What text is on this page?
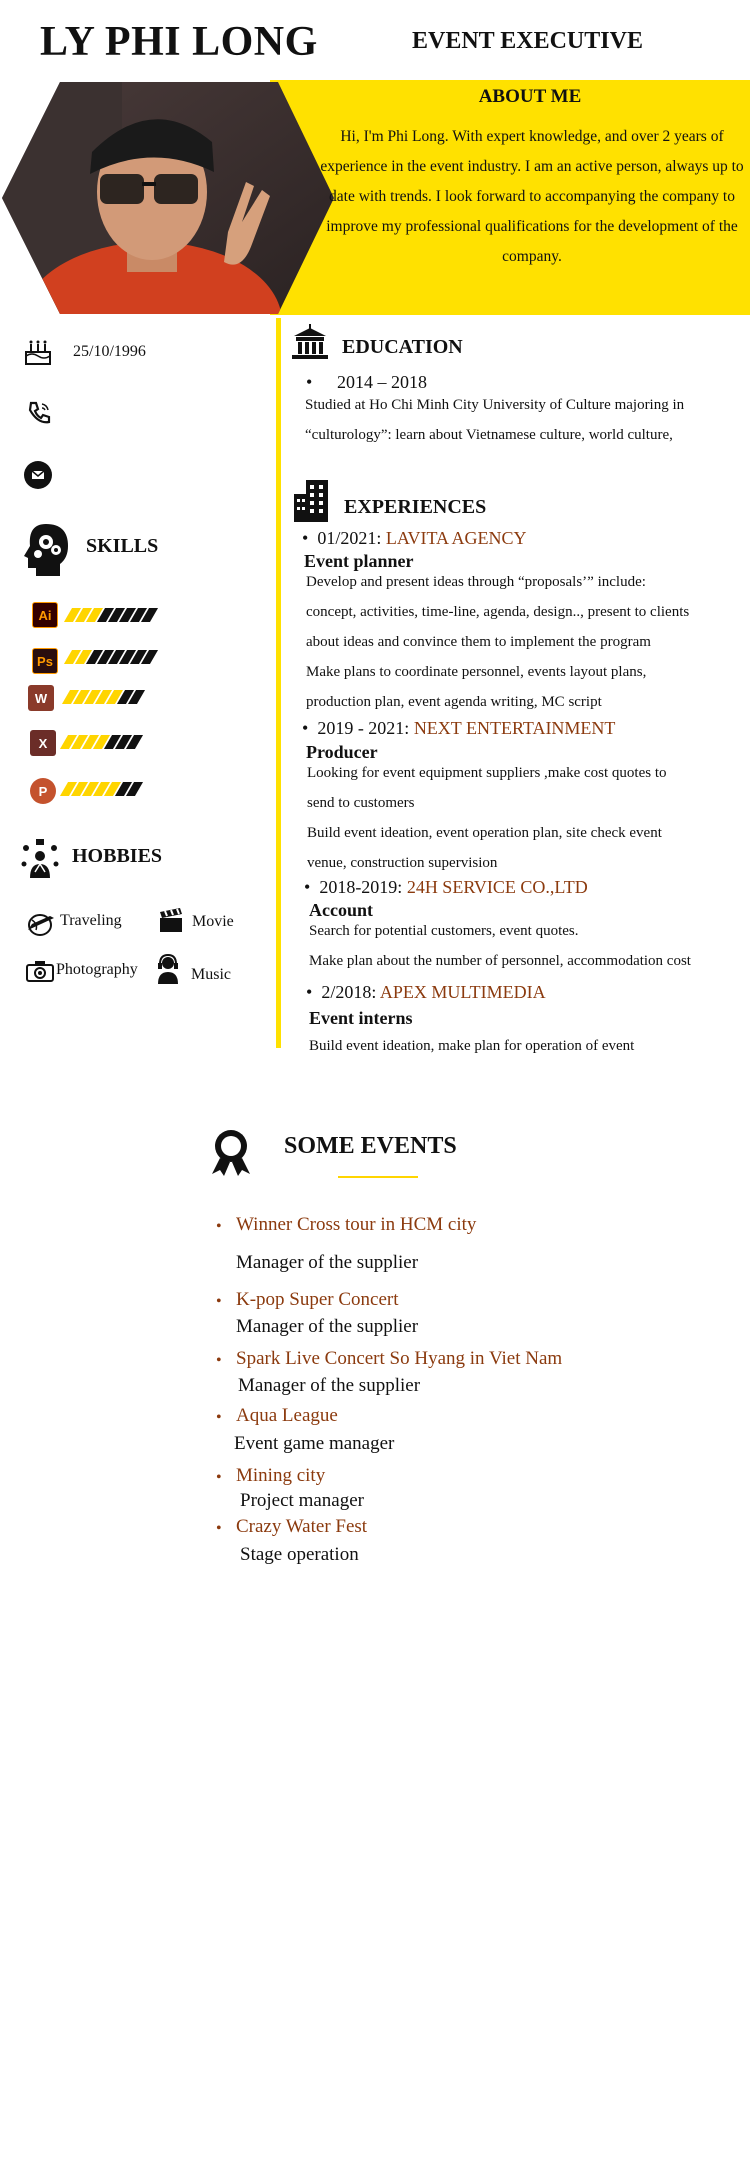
LY PHI LONG	EVENT EXECUTIVE
ABOUT ME
Hi, I'm Phi Long. With expert knowledge, and over 2 years of experience in the event industry. I am an active person, always up to date with trends. I look forward to accompanying the company to improve my professional qualifications for the development of the company.
25/10/1996
SKILLS
Ai
Ps
W
X
P
HOBBIES
Traveling	Movie
Photography	Music
EDUCATION
• 2014 – 2018
Studied at Ho Chi Minh City University of Culture majoring in
“culturology”: learn about Vietnamese culture, world culture,
EXPERIENCES
•  01/2021: LAVITA AGENCY
Event planner
Develop and present ideas through “proposals’” include:
concept, activities, time-line, agenda, design.., present to clients
about ideas and convince them to implement the program
Make plans to coordinate personnel, events layout plans,
production plan, event agenda writing, MC script
•  2019 - 2021: NEXT ENTERTAINMENT
Producer
Looking for event equipment suppliers ,make cost quotes to
send to customers
Build event ideation, event operation plan, site check event
venue, construction supervision
•  2018-2019: 24H SERVICE CO.,LTD
Account
Search for potential customers, event quotes.
Make plan about the number of personnel, accommodation cost
•  2/2018: APEX MULTIMEDIA
Event interns
Build event ideation, make plan for operation of event
SOME EVENTS
• Winner Cross tour in HCM city
Manager of the supplier
• K-pop Super Concert
Manager of the supplier
• Spark Live Concert So Hyang in Viet Nam
Manager of the supplier
• Aqua League
Event game manager
• Mining city
Project manager
• Crazy Water Fest
Stage operation
